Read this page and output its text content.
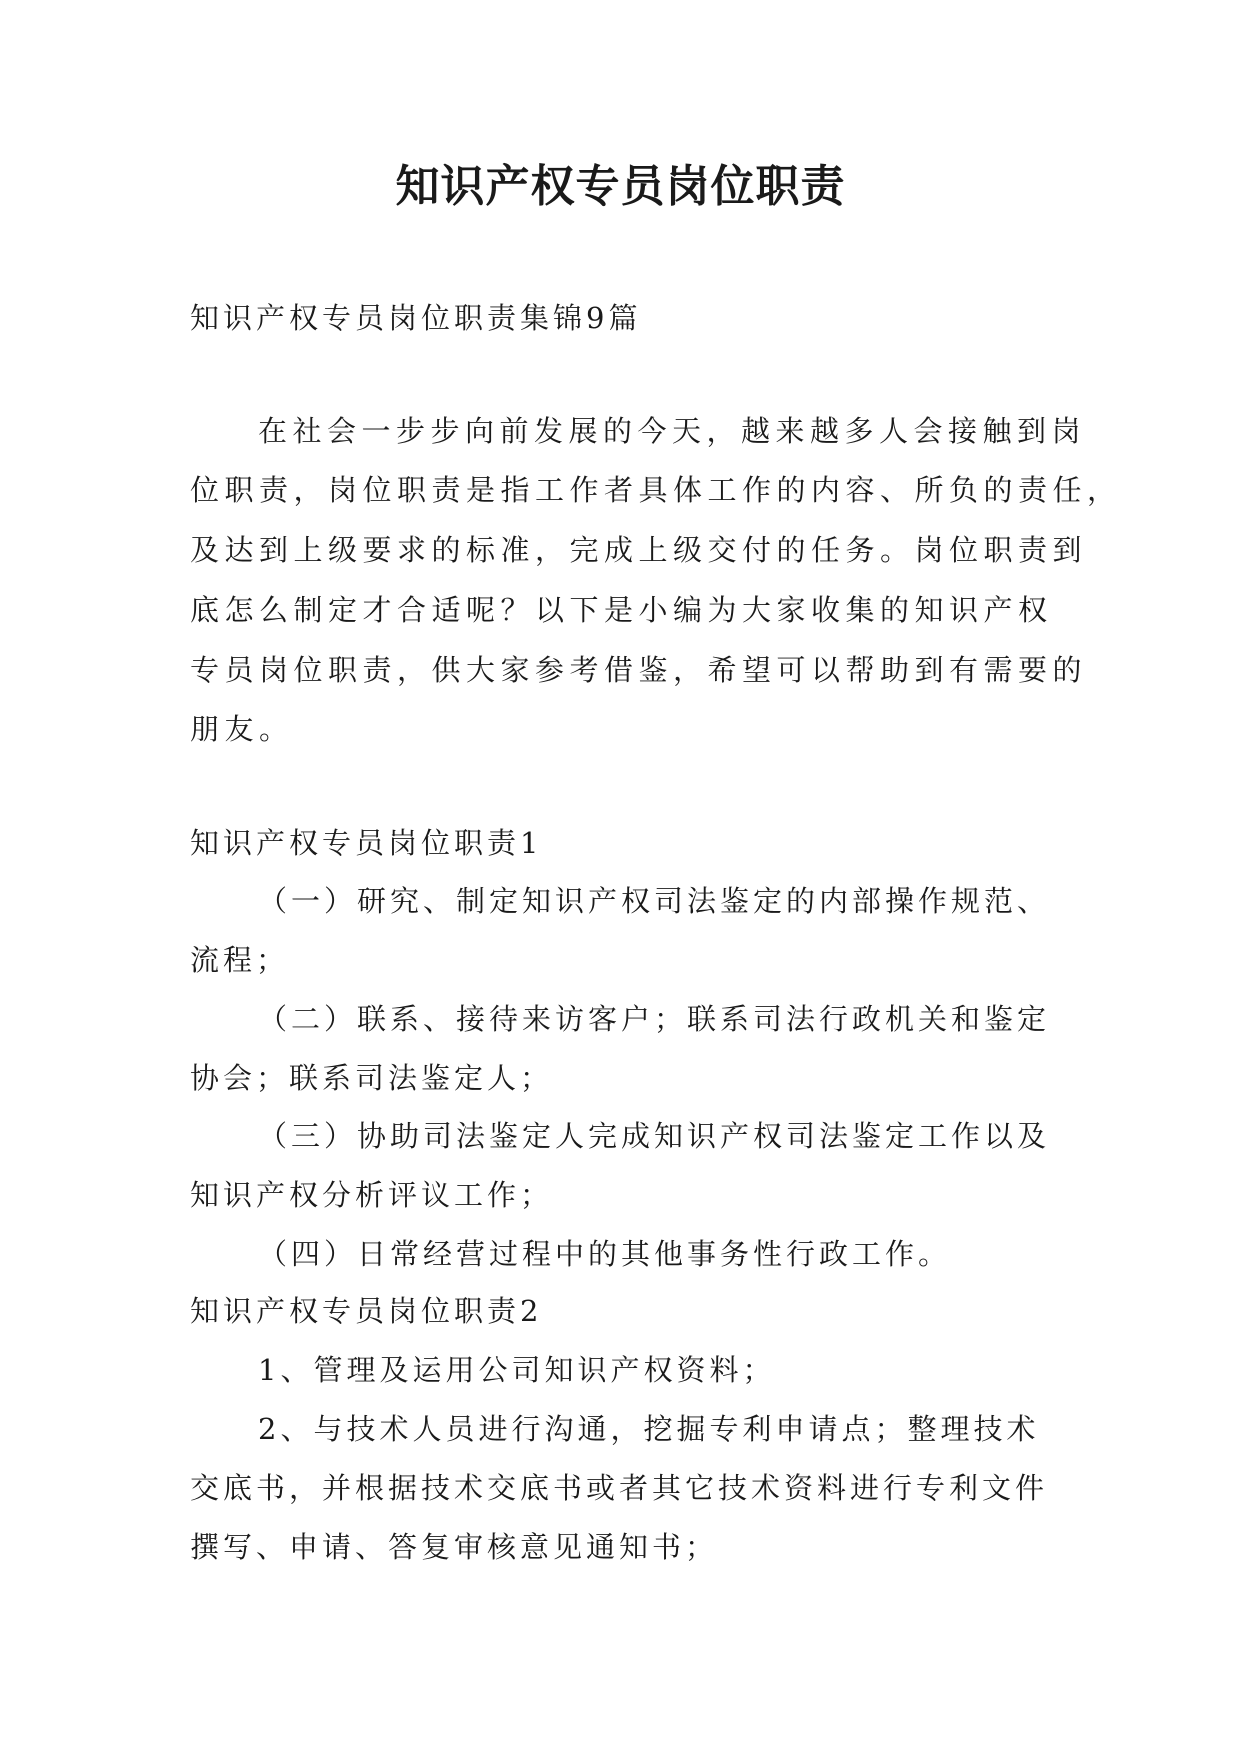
知识产权专员岗位职责
知识产权专员岗位职责集锦9篇
在社会一步步向前发展的今天，越来越多人会接触到岗
位职责，岗位职责是指工作者具体工作的内容、所负的责任，
及达到上级要求的标准，完成上级交付的任务。岗位职责到
底怎么制定才合适呢？以下是小编为大家收集的知识产权
专员岗位职责，供大家参考借鉴，希望可以帮助到有需要的
朋友。
知识产权专员岗位职责1
（一）研究、制定知识产权司法鉴定的内部操作规范、
流程；
（二）联系、接待来访客户；联系司法行政机关和鉴定
协会；联系司法鉴定人；
（三）协助司法鉴定人完成知识产权司法鉴定工作以及
知识产权分析评议工作；
（四）日常经营过程中的其他事务性行政工作。
知识产权专员岗位职责2
1、管理及运用公司知识产权资料；
2、与技术人员进行沟通，挖掘专利申请点；整理技术
交底书，并根据技术交底书或者其它技术资料进行专利文件
撰写、申请、答复审核意见通知书；
